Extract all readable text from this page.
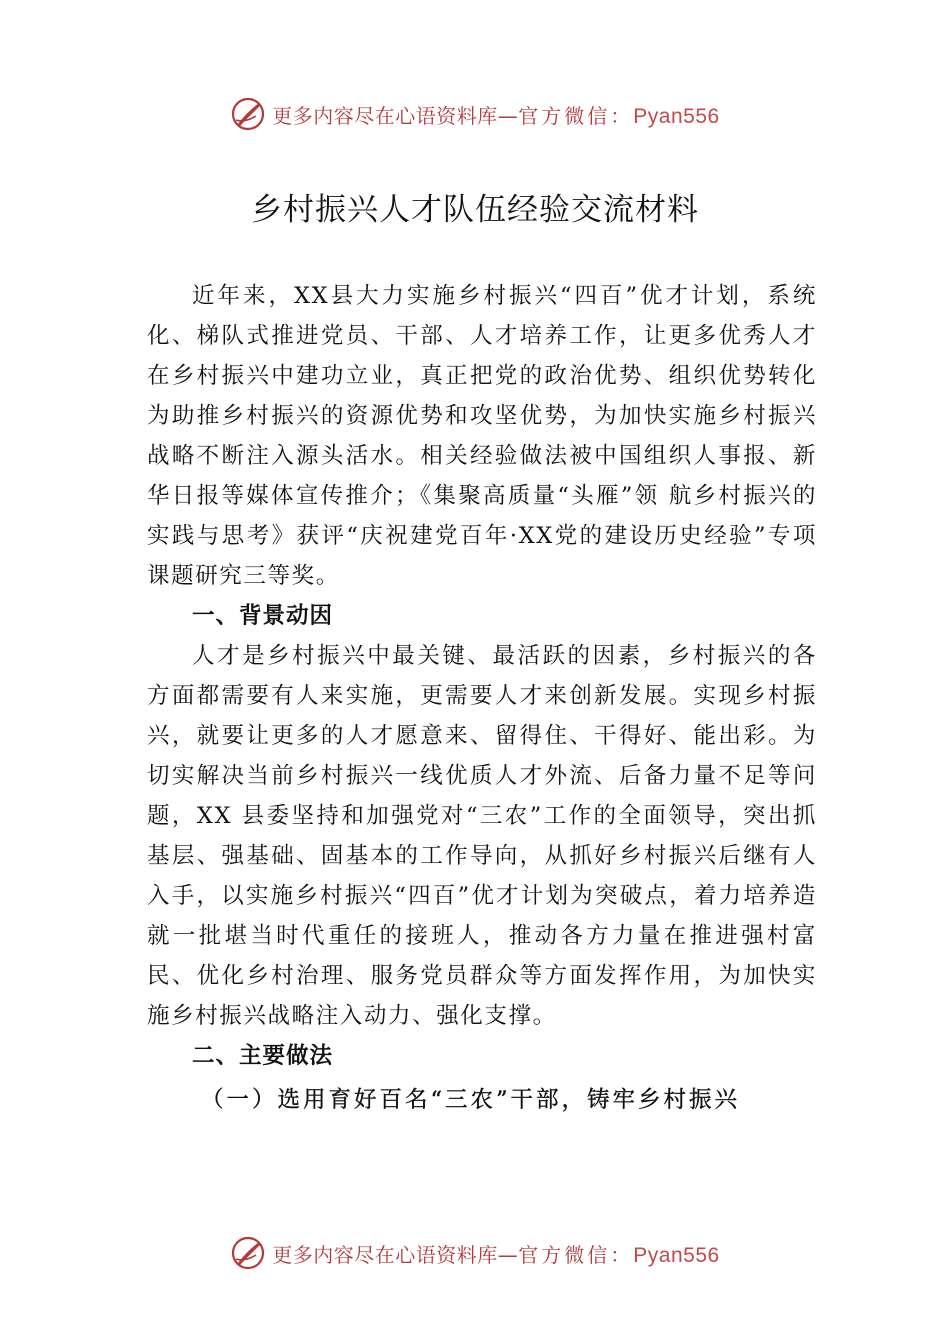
更多内容尽在心语资料库—官方微信：Pyan556
乡村振兴人才队伍经验交流材料

近年来，XX县大力实施乡村振兴“四百”优才计划，系统化、梯队式推进党员、干部、人才培养工作，让更多优秀人才在乡村振兴中建功立业，真正把党的政治优势、组织优势转化为助推乡村振兴的资源优势和攻坚优势，为加快实施乡村振兴战略不断注入源头活水。相关经验做法被中国组织人事报、新华日报等媒体宣传推介；《集聚高质量“头雁”领 航乡村振兴的实践与思考》获评“庆祝建党百年·XX党的建设历史经验”专项课题研究三等奖。

一、背景动因

人才是乡村振兴中最关键、最活跃的因素，乡村振兴的各方面都需要有人来实施，更需要人才来创新发展。实现乡村振兴，就要让更多的人才愿意来、留得住、干得好、能出彩。为切实解决当前乡村振兴一线优质人才外流、后备力量不足等问题，XX 县委坚持和加强党对“三农”工作的全面领导，突出抓基层、强基础、固基本的工作导向，从抓好乡村振兴后继有人入手，以实施乡村振兴“四百”优才计划为突破点，着力培养造就一批堪当时代重任的接班人，推动各方力量在推进强村富民、优化乡村治理、服务党员群众等方面发挥作用，为加快实施乡村振兴战略注入动力、强化支撑。

二、主要做法
（一）选用育好百名“三农”干部，铸牢乡村振兴
更多内容尽在心语资料库—官方微信：Pyan556
